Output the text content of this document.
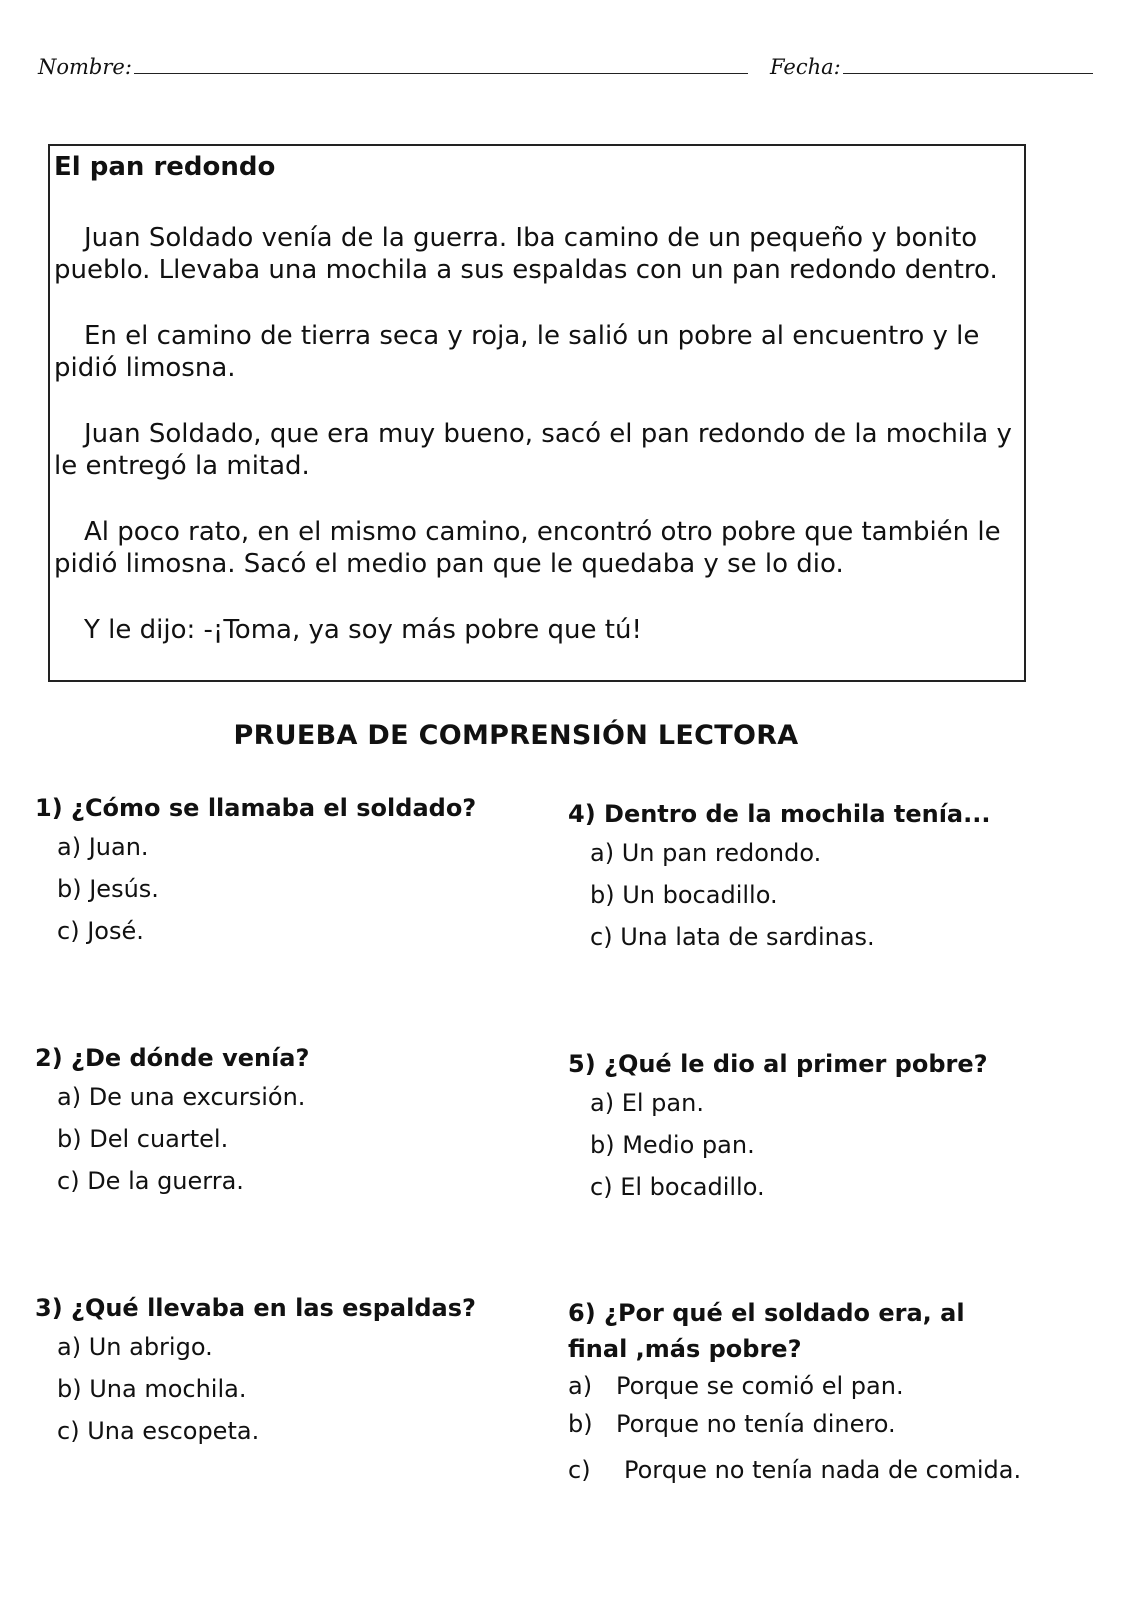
Nombre:	Fecha:
El pan redondo

Juan Soldado venía de la guerra. Iba camino de un pequeño y bonito pueblo. Llevaba una mochila a sus espaldas con un pan redondo dentro.

En el camino de tierra seca y roja, le salió un pobre al encuentro y le pidió limosna.

Juan Soldado, que era muy bueno, sacó el pan redondo de la mochila y le entregó la mitad.

Al poco rato, en el mismo camino, encontró otro pobre que también le pidió limosna. Sacó el medio pan que le quedaba y se lo dio.

Y le dijo: -¡Toma, ya soy más pobre que tú!

PRUEBA DE COMPRENSIÓN LECTORA
1) ¿Cómo se llamaba el soldado?
a) Juan.
b) Jesús.
c) José.
2) ¿De dónde venía?
a) De una excursión.
b) Del cuartel.
c) De la guerra.
3) ¿Qué llevaba en las espaldas?
a) Un abrigo.
b) Una mochila.
c) Una escopeta.
4) Dentro de la mochila tenía...
a) Un pan redondo.
b) Un bocadillo.
c) Una lata de sardinas.
5) ¿Qué le dio al primer pobre?
a) El pan.
b) Medio pan.
c) El bocadillo.
6) ¿Por qué el soldado era, al
final ,más pobre?
a) Porque se comió el pan.
b) Porque no tenía dinero.
c) Porque no tenía nada de comida.
